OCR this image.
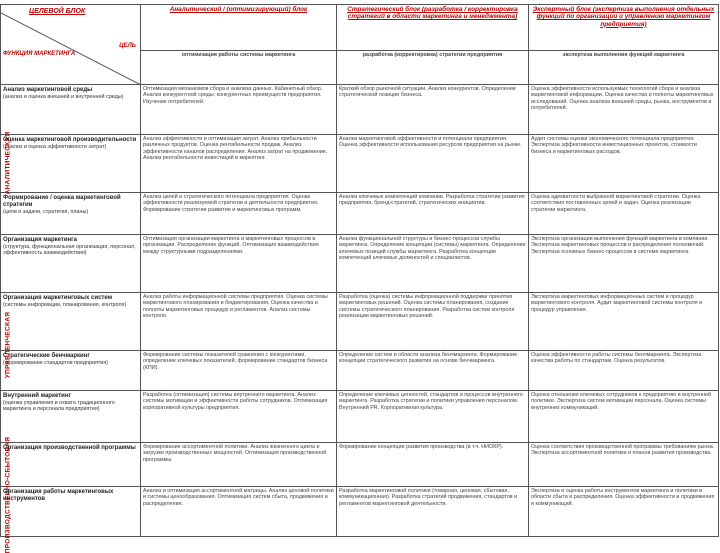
ЦЕЛЕВОЙ БЛОК
ЦЕЛЬ
ФУНКЦИЯ МАРКЕТИНГА	Аналитический / (оптимизирующий) блок	Стратегический блок (разработка / корректировка стратегий в области маркетинга и менеджмента)	Экспертный блок (экспертиза выполнения отдельных функций по организации и управлению маркетингом предприятия)
	оптимизация работы системы маркетинга	разработка (корректировка) стратегии предприятия	экспертиза выполнения функций маркетинга

Анализ маркетинговой среды
(анализ и оценка внешней и внутренней среды)	Оптимизация механизмов сбора и анализа данных. Кабинетный обзор. Анализ конкурентной среды: конкурентных преимуществ предприятия. Изучение потребителей.	Краткий обзор рыночной ситуации. Анализ конкурентов. Определение стратегической позиции бизнеса.	Оценка эффективности используемых технологий сбора и анализа маркетинговой информации. Оценка качества и полноты маркетинговых исследований. Оценка анализа внешней среды, рынка, инструментов и потребителей.

Оценка маркетинговой производительности
(анализ и оценка эффективности затрат)	Анализ эффективности и оптимизация затрат. Анализ прибыльности различных продуктов. Оценка рентабельности продаж. Анализ эффективности каналов распределения. Анализ затрат на продвижение. Анализ рентабельности инвестиций в маркетинг.	Анализ маркетинговой эффективности и потенциала предприятия. Оценка эффективности использования ресурсов предприятия на рынке.	Аудит системы оценки экономического потенциала предприятия. Экспертиза эффективности инвестиционных проектов, стоимости бизнеса и маркетинговых расходов.

Формирование / оценка маркетинговой стратегии
(цели и задачи, стратегия, планы)	Анализ целей и стратегического потенциала предприятия. Оценка эффективности реализуемой стратегии и деятельности предприятия. Формирование стратегии развития и маркетинговых программ.	Анализ ключевых компетенций компании. Разработка стратегии развития предприятия, бренд-стратегий, стратегических инициатив.	Оценка адекватности выбранной маркетинговой стратегии. Оценка соответствия поставленных целей и задач. Оценка реализации стратегии маркетинга.

Организация маркетинга
(структура, функциональная организация, персонал, эффективность взаимодействия)	Оптимизация организации маркетинга и маркетинговых процессов в организации. Распределение функций. Оптимизация взаимодействия между структурными подразделениями.	Анализ функциональной структуры и бизнес-процессов службы маркетинга. Определение концепции (системы) маркетинга. Определение ключевых позиций службы маркетинга. Разработка концепции компетенций ключевых должностей и специалистов.	Экспертиза организации выполнения функций маркетинга в компании. Экспертиза маркетинговых процессов и распределения полномочий. Экспертиза основных бизнес-процессов в системе маркетинга.

Организация маркетинговых систем
(системы информации, планирования, контроля)	Анализ работы информационной системы предприятия. Оценка системы маркетингового планирования и бюджетирования. Оценка качества и полноты маркетинговых процедур и регламентов. Анализ системы контроля.	Разработка (оценка) системы информационной поддержки принятия маркетинговых решений. Оценка системы планирования, создание системы стратегического планирования. Разработка систем контроля реализации маркетинговых решений.	Экспертиза маркетинговых информационных систем и процедур маркетингового контроля. Аудит маркетинговой системы контроля и процедур управления.

Стратегические бенчмаркинг
(формирование стандартов предприятия)	Формирование системы показателей сравнения с конкурентами, определение ключевых показателей, формирование стандартов бизнеса (КПИ).	Определение систем и области анализа бенчмаркинга. Формирование концепции стратегического развития на основе бенчмаркинга.	Оценка эффективности работы системы бенчмаркинга. Экспертиза качества работы по стандартам. Оценка результатов.

Внутренний маркетинг
(оценка управления и охвата традиционного маркетинга и персонала предприятия)	Разработка (оптимизация) системы внутреннего маркетинга. Анализ системы мотивации и эффективности работы сотрудников. Оптимизация корпоративной культуры предприятия.	Определение ключевых ценностей, стандартов и процессов внутреннего маркетинга. Разработка стратегии и политики управления персоналом. Внутренний PR. Корпоративная культура.	Оценка отношения ключевых сотрудников к предприятию и внутренней политике. Экспертиза систем мотивации персонала. Оценка системы внутренних коммуникаций.

Организация производственной программы	Формирование ассортиментной политики. Анализ жизненного цикла и загрузки производственных мощностей. Оптимизация производственной программы.	Формирование концепции развития производства (в т.ч. НИОКР).	Оценка соответствия производственной программы требованиям рынка. Экспертиза ассортиментной политики и планов развития производства.

Организация работы маркетинговых инструментов	Анализ и оптимизация ассортиментной матрицы. Анализ ценовой политики и системы ценообразования. Оптимизация систем сбыта, продвижения и распределения.	Разработка маркетинговой политики (товарная, ценовая, сбытовая, коммуникационная). Разработка стратегий продвижения, стандартов и регламентов маркетинговой деятельности.	Экспертиза и оценка работы инструментов маркетинга и политики в области сбыта и распределения. Оценка эффективности и продвижения и коммуникаций.
АНАЛИТИЧЕСКАЯ
УПРАВЛЕНЧЕСКАЯ
ПРОИЗВОДСТВЕННО-СБЫТОВАЯ
